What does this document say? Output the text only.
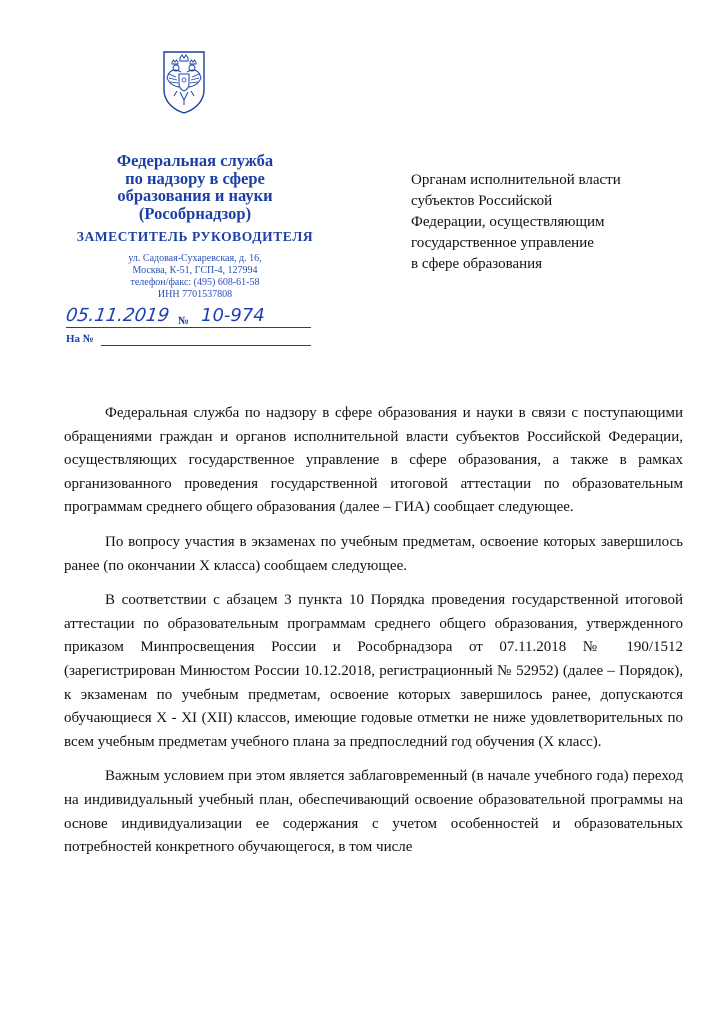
Федеральная служба
по надзору в сфере
образования и науки
(Рособрнадзор)
ЗАМЕСТИТЕЛЬ РУКОВОДИТЕЛЯ
ул. Садовая-Сухаревская, д. 16,
Москва, К-51, ГСП-4, 127994
телефон/факс: (495) 608-61-58
ИНН 7701537808
05.11.2019 № 10-974
На №
Органам исполнительной власти
субъектов Российской
Федерации, осуществляющим
государственное управление
в сфере образования

Федеральная служба по надзору в сфере образования и науки в связи с поступающими обращениями граждан и органов исполнительной власти субъектов Российской Федерации, осуществляющих государственное управление в сфере образования, а также в рамках организованного проведения государственной итоговой аттестации по образовательным программам среднего общего образования (далее – ГИА) сообщает следующее.

По вопросу участия в экзаменах по учебным предметам, освоение которых завершилось ранее (по окончании Х класса) сообщаем следующее.

В соответствии с абзацем 3 пункта 10 Порядка проведения государственной итоговой аттестации по образовательным программам среднего общего образования, утвержденного приказом Минпросвещения России и Рособрнадзора от 07.11.2018 № 190/1512 (зарегистрирован Минюстом России 10.12.2018, регистрационный № 52952) (далее – Порядок), к экзаменам по учебным предметам, освоение которых завершилось ранее, допускаются обучающиеся Х - XI (XII) классов, имеющие годовые отметки не ниже удовлетворительных по всем учебным предметам учебного плана за предпоследний год обучения (Х класс).

Важным условием при этом является заблаговременный (в начале учебного года) переход на индивидуальный учебный план, обеспечивающий освоение образовательной программы на основе индивидуализации ее содержания с учетом особенностей и образовательных потребностей конкретного обучающегося, в том числе
